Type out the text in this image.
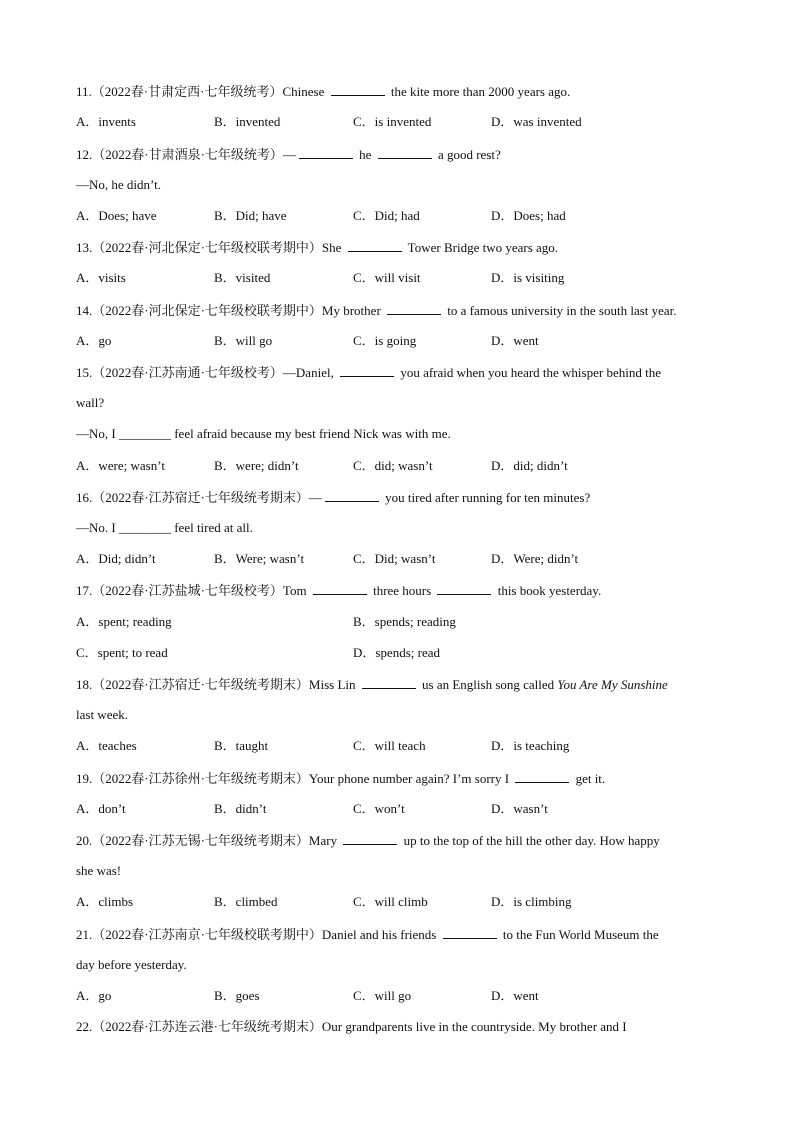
11.（2022春·甘肃定西·七年级统考）Chinese	the kite more than 2000 years ago.
A．invents	B．invented	C．is invented	D．was invented
12.（2022春·甘肃酒泉·七年级统考）—	he	a good rest?
—No, he didn’t.
A．Does; have	B．Did; have	C．Did; had	D．Does; had
13.（2022春·河北保定·七年级校联考期中）She	Tower Bridge two years ago.
A．visits	B．visited	C．will visit	D．is visiting
14.（2022春·河北保定·七年级校联考期中）My brother	to a famous university in the south last year.
A．go	B．will go	C．is going	D．went
15.（2022春·江苏南通·七年级校考）—Daniel,	you afraid when you heard the whisper behind the
wall?
—No, I ________ feel afraid because my best friend Nick was with me.
A．were; wasn’t	B．were; didn’t	C．did; wasn’t	D．did; didn’t
16.（2022春·江苏宿迁·七年级统考期末）—	you tired after running for ten minutes?
—No. I ________ feel tired at all.
A．Did; didn’t	B．Were; wasn’t	C．Did; wasn’t	D．Were; didn’t
17.（2022春·江苏盐城·七年级校考）Tom	three hours	this book yesterday.
A．spent; reading	B．spends; reading
C．spent; to read	D．spends; read
18.（2022春·江苏宿迁·七年级统考期末）Miss Lin	us an English song called You Are My Sunshine
last week.
A．teaches	B．taught	C．will teach	D．is teaching
19.（2022春·江苏徐州·七年级统考期末）Your phone number again? I’m sorry I	get it.
A．don’t	B．didn’t	C．won’t	D．wasn’t
20.（2022春·江苏无锡·七年级统考期末）Mary	up to the top of the hill the other day. How happy
she was!
A．climbs	B．climbed	C．will climb	D．is climbing
21.（2022春·江苏南京·七年级校联考期中）Daniel and his friends	to the Fun World Museum the
day before yesterday.
A．go	B．goes	C．will go	D．went
22.（2022春·江苏连云港·七年级统考期末）Our grandparents live in the countryside. My brother and I
